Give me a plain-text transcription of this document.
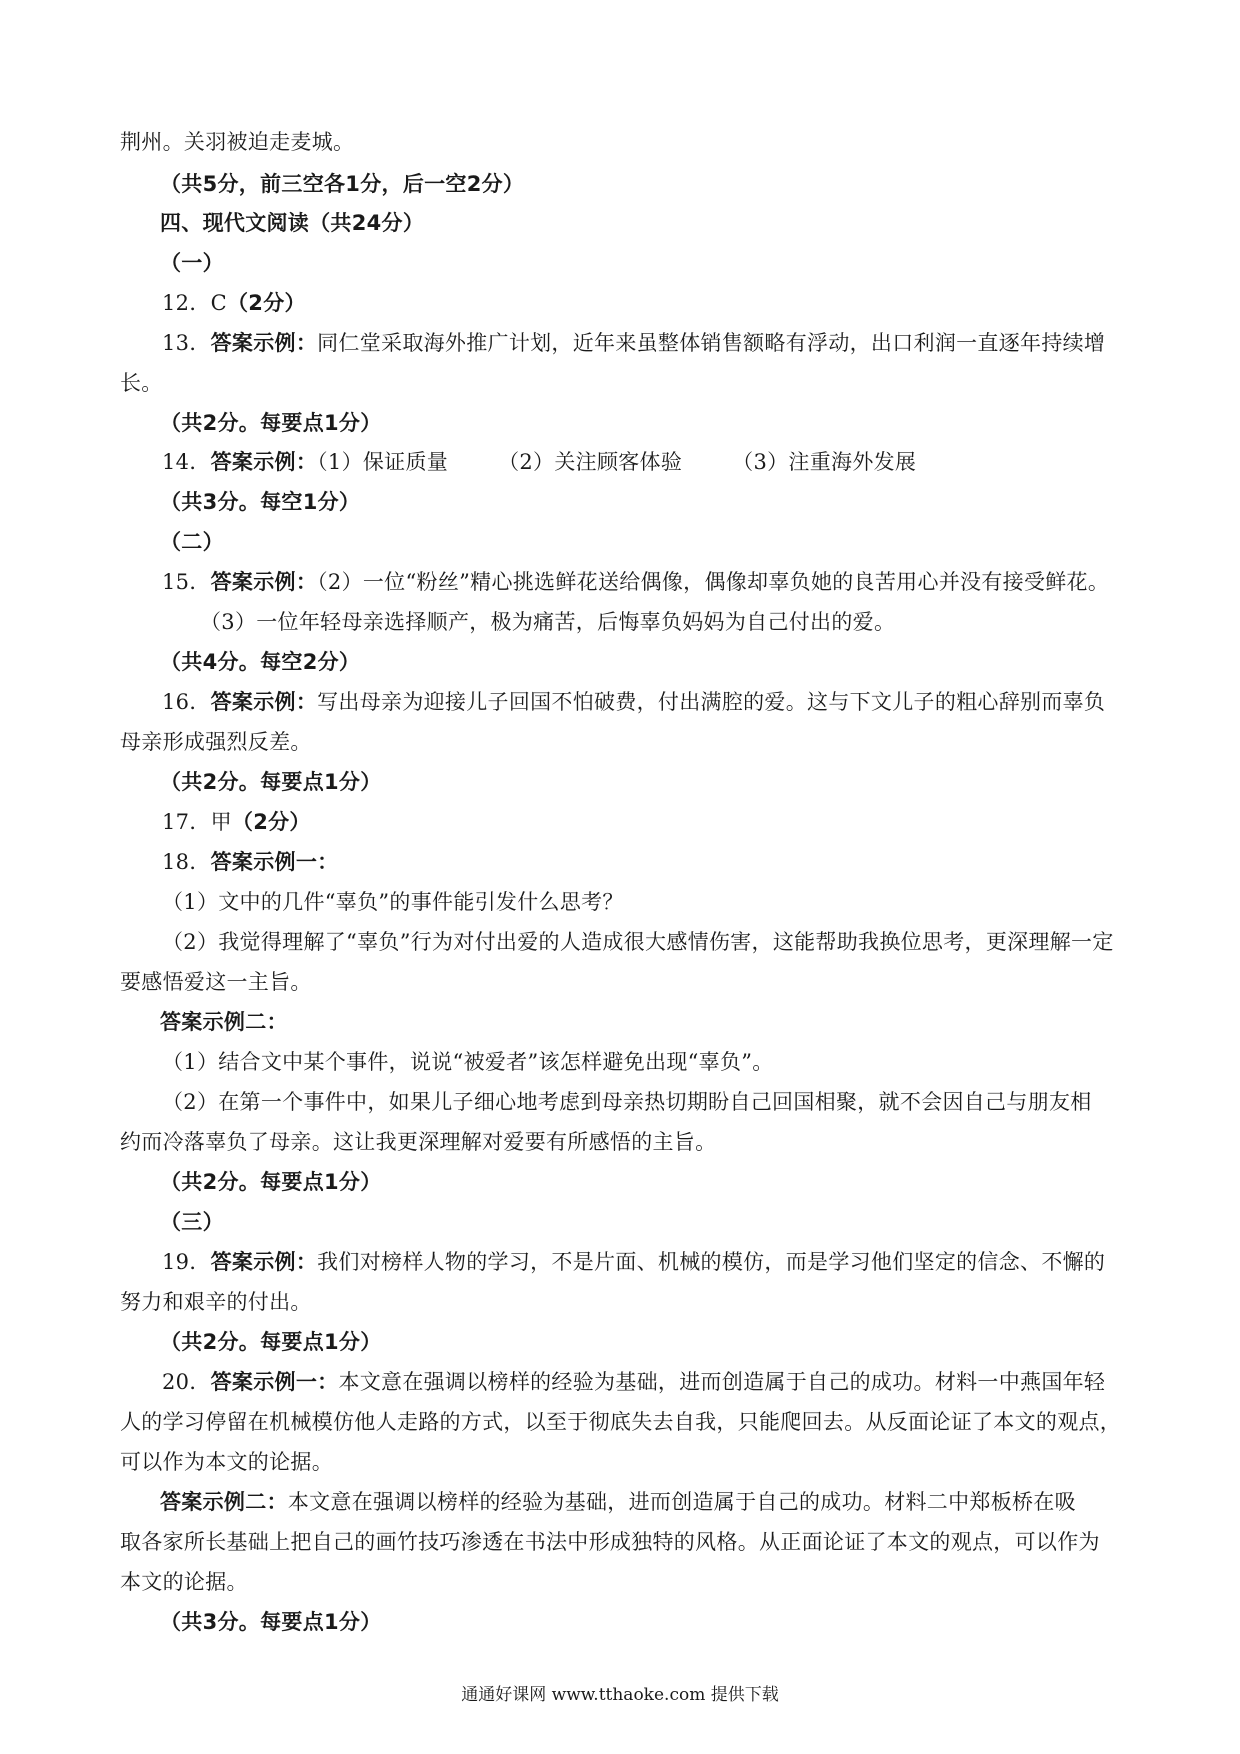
荆州。关羽被迫走麦城。
（共5分，前三空各1分，后一空2分）
四、现代文阅读（共24分）
（一）
12．C（2分）
13．答案示例：同仁堂采取海外推广计划，近年来虽整体销售额略有浮动，出口利润一直逐年持续增
长。
（共2分。每要点1分）
14．答案示例：（1）保证质量 （2）关注顾客体验 （3）注重海外发展
（共3分。每空1分）
（二）
15．答案示例：（2）一位“粉丝”精心挑选鲜花送给偶像，偶像却辜负她的良苦用心并没有接受鲜花。
（3）一位年轻母亲选择顺产，极为痛苦，后悔辜负妈妈为自己付出的爱。
（共4分。每空2分）
16．答案示例：写出母亲为迎接儿子回国不怕破费，付出满腔的爱。这与下文儿子的粗心辞别而辜负
母亲形成强烈反差。
（共2分。每要点1分）
17．甲（2分）
18．答案示例一：
（1）文中的几件“辜负”的事件能引发什么思考？
（2）我觉得理解了“辜负”行为对付出爱的人造成很大感情伤害，这能帮助我换位思考，更深理解一定
要感悟爱这一主旨。
答案示例二：
（1）结合文中某个事件，说说“被爱者”该怎样避免出现“辜负”。
（2）在第一个事件中，如果儿子细心地考虑到母亲热切期盼自己回国相聚，就不会因自己与朋友相
约而冷落辜负了母亲。这让我更深理解对爱要有所感悟的主旨。
（共2分。每要点1分）
（三）
19．答案示例：我们对榜样人物的学习，不是片面、机械的模仿，而是学习他们坚定的信念、不懈的
努力和艰辛的付出。
（共2分。每要点1分）
20．答案示例一：本文意在强调以榜样的经验为基础，进而创造属于自己的成功。材料一中燕国年轻
人的学习停留在机械模仿他人走路的方式，以至于彻底失去自我，只能爬回去。从反面论证了本文的观点，
可以作为本文的论据。
答案示例二：本文意在强调以榜样的经验为基础，进而创造属于自己的成功。材料二中郑板桥在吸
取各家所长基础上把自己的画竹技巧渗透在书法中形成独特的风格。从正面论证了本文的观点，可以作为
本文的论据。
（共3分。每要点1分）
通通好课网 www.tthaoke.com 提供下载
